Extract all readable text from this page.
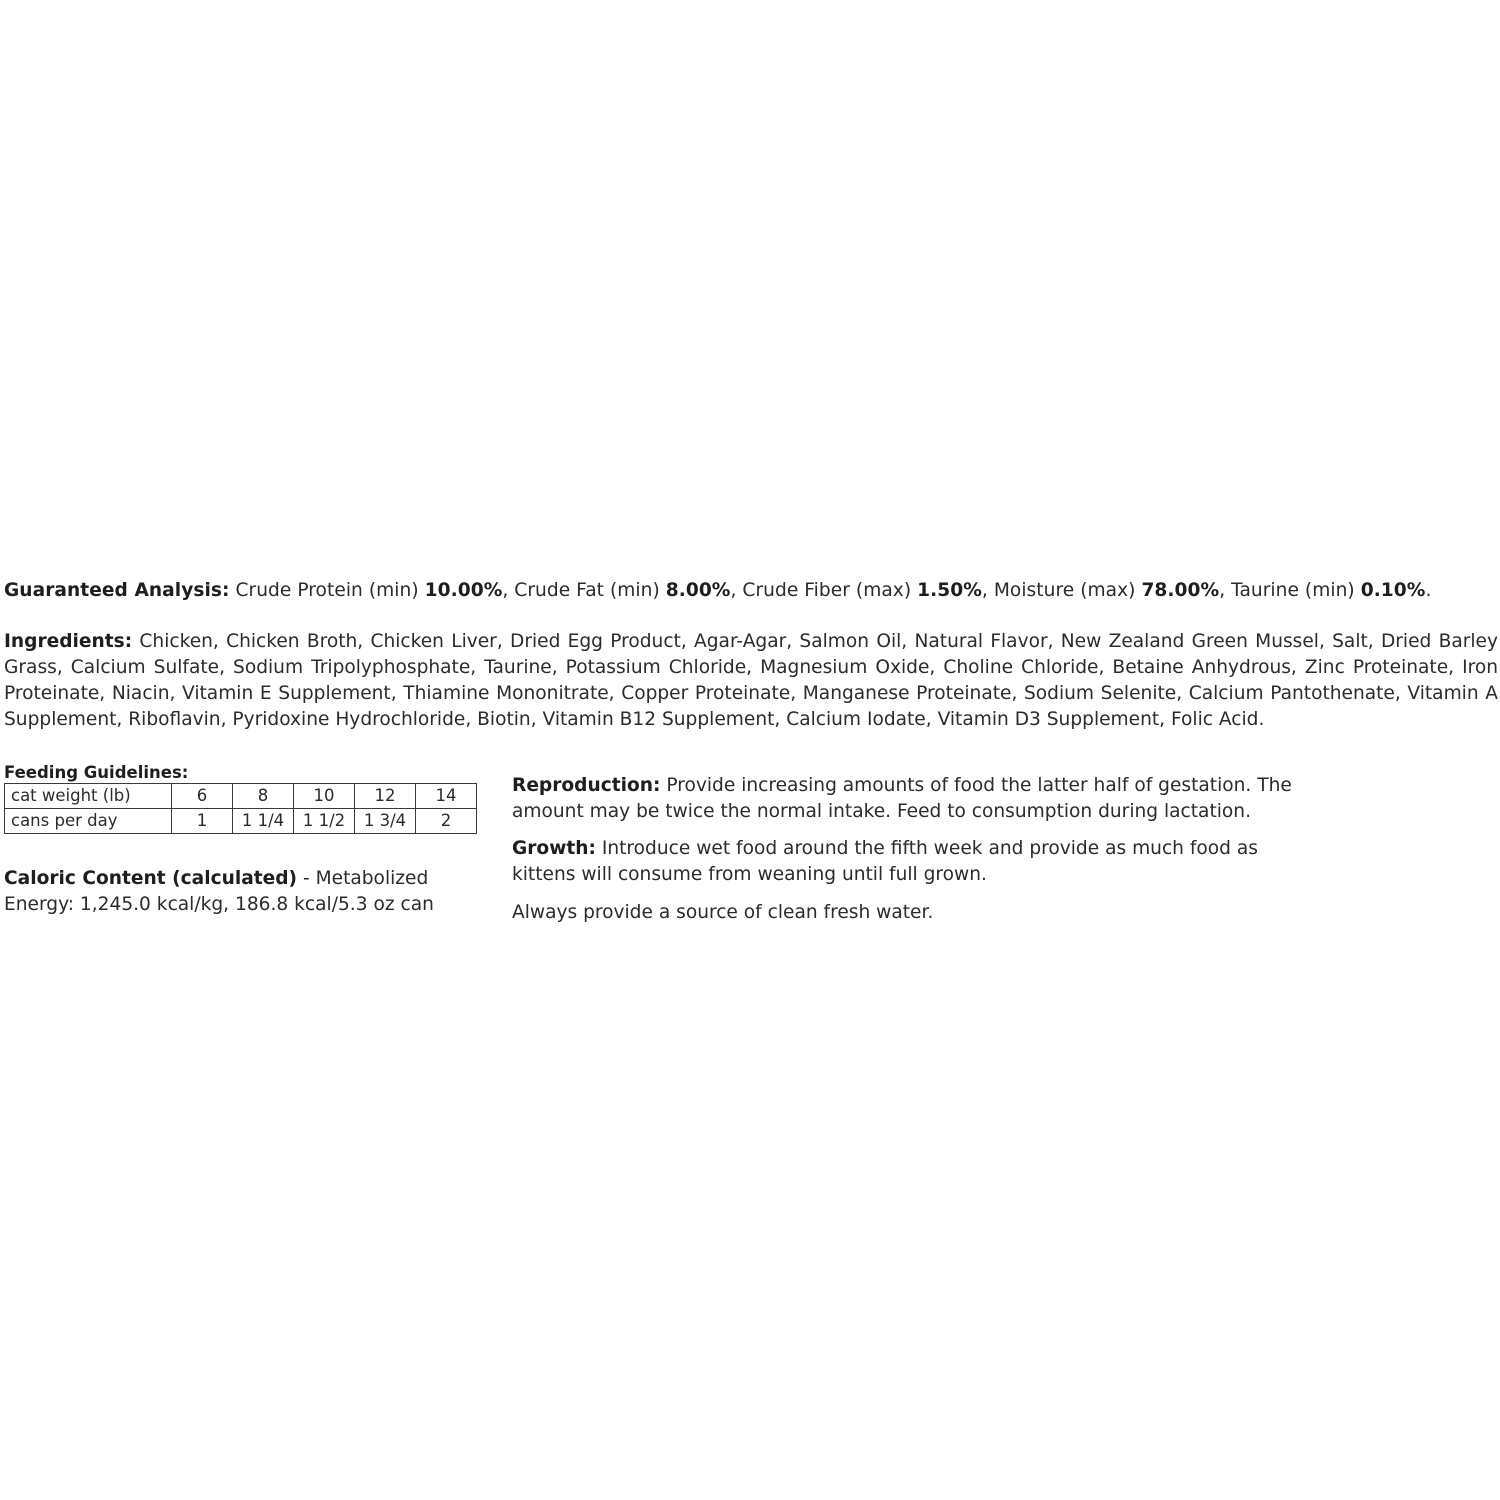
Guaranteed Analysis: Crude Protein (min) 10.00%, Crude Fat (min) 8.00%, Crude Fiber (max) 1.50%, Moisture (max) 78.00%, Taurine (min) 0.10%.

Ingredients: Chicken, Chicken Broth, Chicken Liver, Dried Egg Product, Agar-Agar, Salmon Oil, Natural Flavor, New Zealand Green Mussel, Salt, Dried Barley Grass, Calcium Sulfate, Sodium Tripolyphosphate, Taurine, Potassium Chloride, Magnesium Oxide, Choline Chloride, Betaine Anhydrous, Zinc Proteinate, Iron Proteinate, Niacin, Vitamin E Supplement, Thiamine Mononitrate, Copper Proteinate, Manganese Proteinate, Sodium Selenite, Calcium Pantothenate, Vitamin A Supplement, Riboflavin, Pyridoxine Hydrochloride, Biotin, Vitamin B12 Supplement, Calcium Iodate, Vitamin D3 Supplement, Folic Acid.

Feeding Guidelines:

cat weight (lb)	6	8	10	12	14
cans per day	1	1 1/4	1 1/2	1 3/4	2

Caloric Content (calculated) - Metabolized Energy: 1,245.0 kcal/kg, 186.8 kcal/5.3 oz can

Reproduction: Provide increasing amounts of food the latter half of gestation. The amount may be twice the normal intake. Feed to consumption during lactation.

Growth: Introduce wet food around the fifth week and provide as much food as kittens will consume from weaning until full grown.

Always provide a source of clean fresh water.
